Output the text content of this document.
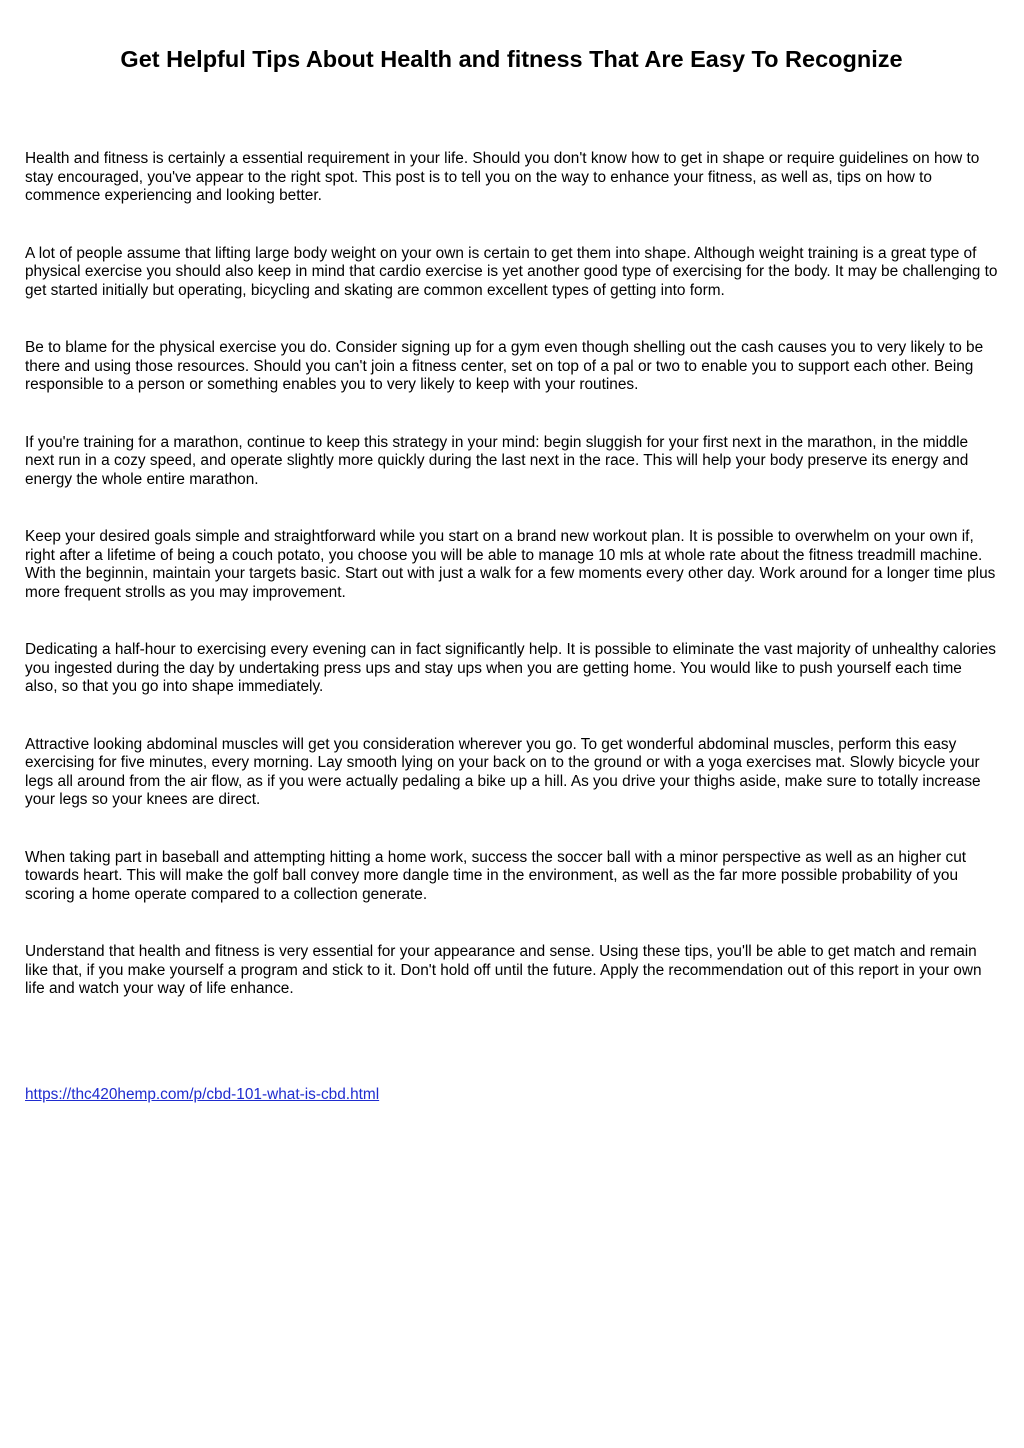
Get Helpful Tips About Health and fitness That Are Easy To Recognize

Health and fitness is certainly a essential requirement in your life. Should you don't know how to get in shape or require guidelines on how to stay encouraged, you've appear to the right spot. This post is to tell you on the way to enhance your fitness, as well as, tips on how to commence experiencing and looking better.

A lot of people assume that lifting large body weight on your own is certain to get them into shape. Although weight training is a great type of physical exercise you should also keep in mind that cardio exercise is yet another good type of exercising for the body. It may be challenging to get started initially but operating, bicycling and skating are common excellent types of getting into form.

Be to blame for the physical exercise you do. Consider signing up for a gym even though shelling out the cash causes you to very likely to be there and using those resources. Should you can't join a fitness center, set on top of a pal or two to enable you to support each other. Being responsible to a person or something enables you to very likely to keep with your routines.

If you're training for a marathon, continue to keep this strategy in your mind: begin sluggish for your first next in the marathon, in the middle next run in a cozy speed, and operate slightly more quickly during the last next in the race. This will help your body preserve its energy and energy the whole entire marathon.

Keep your desired goals simple and straightforward while you start on a brand new workout plan. It is possible to overwhelm on your own if, right after a lifetime of being a couch potato, you choose you will be able to manage 10 mls at whole rate about the fitness treadmill machine. With the beginnin, maintain your targets basic. Start out with just a walk for a few moments every other day. Work around for a longer time plus more frequent strolls as you may improvement.

Dedicating a half-hour to exercising every evening can in fact significantly help. It is possible to eliminate the vast majority of unhealthy calories you ingested during the day by undertaking press ups and stay ups when you are getting home. You would like to push yourself each time also, so that you go into shape immediately.

Attractive looking abdominal muscles will get you consideration wherever you go. To get wonderful abdominal muscles, perform this easy exercising for five minutes, every morning. Lay smooth lying on your back on to the ground or with a yoga exercises mat. Slowly bicycle your legs all around from the air flow, as if you were actually pedaling a bike up a hill. As you drive your thighs aside, make sure to totally increase your legs so your knees are direct.

When taking part in baseball and attempting hitting a home work, success the soccer ball with a minor perspective as well as an higher cut towards heart. This will make the golf ball convey more dangle time in the environment, as well as the far more possible probability of you scoring a home operate compared to a collection generate.

Understand that health and fitness is very essential for your appearance and sense. Using these tips, you'll be able to get match and remain like that, if you make yourself a program and stick to it. Don't hold off until the future. Apply the recommendation out of this report in your own life and watch your way of life enhance.

https://thc420hemp.com/p/cbd-101-what-is-cbd.html
